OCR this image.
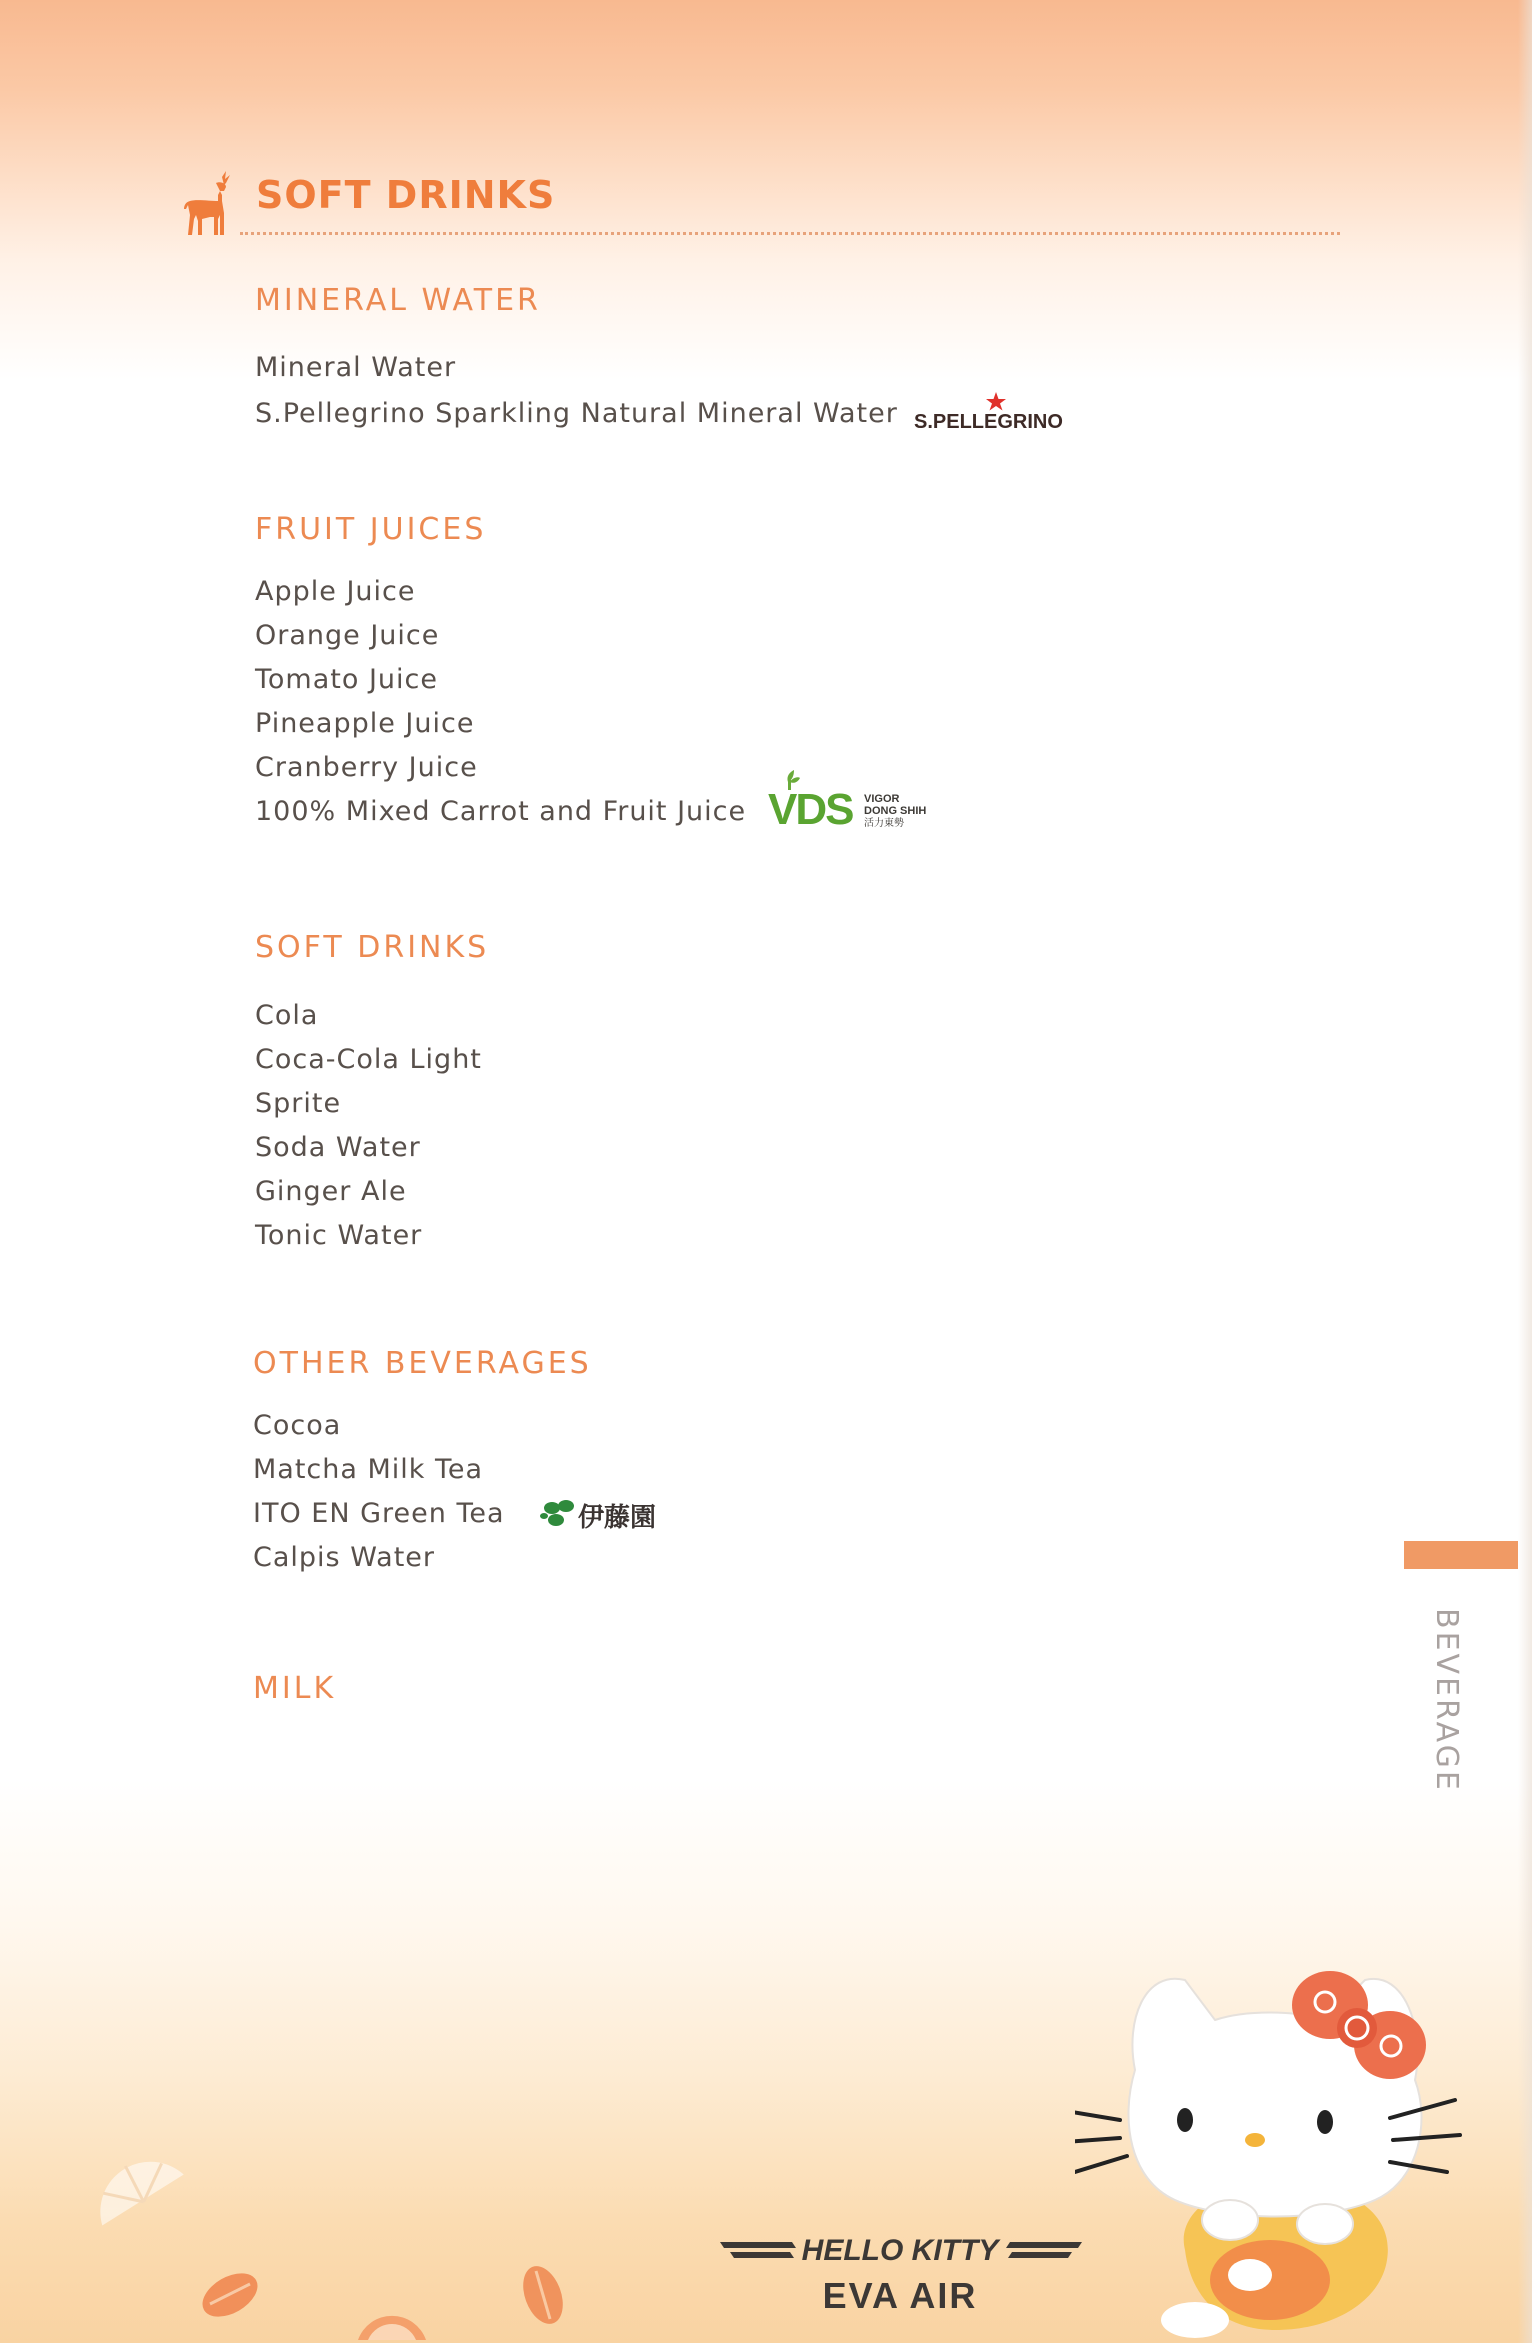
SOFT DRINKS
MINERAL WATER
Mineral Water
S.Pellegrino Sparkling Natural Mineral Water S.PELLEGRINO
FRUIT JUICES
Apple Juice
Orange Juice
Tomato Juice
Pineapple Juice
Cranberry Juice
100% Mixed Carrot and Fruit Juice VDS VIGOR
DONG SHIH
活力東勢
SOFT DRINKS
Cola
Coca-Cola Light
Sprite
Soda Water
Ginger Ale
Tonic Water
OTHER BEVERAGES
Cocoa
Matcha Milk Tea
ITO EN Green Tea
Calpis Water
伊藤園
MILK	BEVERAGE
HELLO KITTY
EVA AIR
